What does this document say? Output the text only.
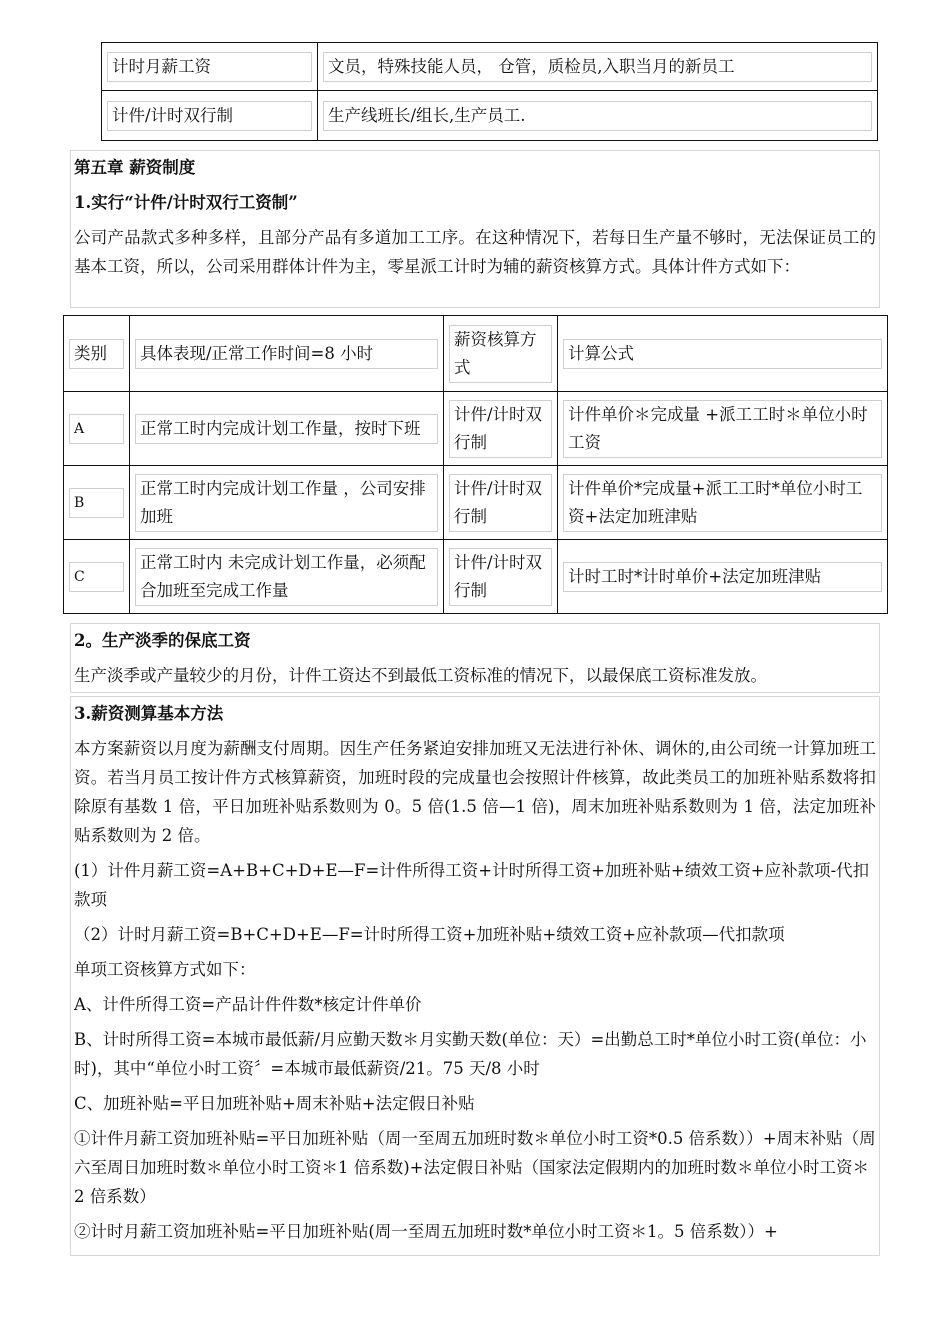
计时月薪工资	文员，特殊技能人员， 仓管，质检员,入职当月的新员工

计件/计时双行制	生产线班长/组长,生产员工.
第五章 薪资制度
1.实行“计件/计时双行工资制”
公司产品款式多种多样，且部分产品有多道加工工序。在这种情况下，若每日生产量不够时，无法保证员工的基本工资，所以，公司采用群体计件为主，零星派工计时为辅的薪资核算方式。具体计件方式如下：
类别	具体表现/正常工作时间=8 小时	薪资核算方式	计算公式

A	正常工时内完成计划工作量，按时下班	计件/计时双行制	计件单价＊完成量 +派工工时＊单位小时工资

B	正常工时内完成计划工作量 ，公司安排加班	计件/计时双行制	计件单价*完成量+派工工时*单位小时工资+法定加班津贴

C	正常工时内 未完成计划工作量，必须配合加班至完成工作量	计件/计时双行制	计时工时*计时单价+法定加班津贴
2。生产淡季的保底工资
生产淡季或产量较少的月份，计件工资达不到最低工资标准的情况下，以最保底工资标准发放。
3.薪资测算基本方法
本方案薪资以月度为薪酬支付周期。因生产任务紧迫安排加班又无法进行补休、调休的,由公司统一计算加班工资。若当月员工按计件方式核算薪资，加班时段的完成量也会按照计件核算，故此类员工的加班补贴系数将扣除原有基数 1 倍，平日加班补贴系数则为 0。5 倍(1.5 倍—1 倍)，周末加班补贴系数则为 1 倍，法定加班补贴系数则为 2 倍。
(1）计件月薪工资=A+B+C+D+E—F=计件所得工资+计时所得工资+加班补贴+绩效工资+应补款项-代扣款项
（2）计时月薪工资=B+C+D+E—F=计时所得工资+加班补贴+绩效工资+应补款项—代扣款项
单项工资核算方式如下：
A、计件所得工资=产品计件件数*核定计件单价
B、计时所得工资=本城市最低薪/月应勤天数＊月实勤天数(单位：天）=出勤总工时*单位小时工资(单位：小时)，其中“单位小时工资〞=本城市最低薪资/21。75 天/8 小时
C、加班补贴=平日加班补贴+周末补贴+法定假日补贴
①计件月薪工资加班补贴=平日加班补贴（周一至周五加班时数＊单位小时工资*0.5 倍系数））+周末补贴（周六至周日加班时数＊单位小时工资＊1 倍系数)+法定假日补贴（国家法定假期内的加班时数＊单位小时工资＊2 倍系数）
②计时月薪工资加班补贴=平日加班补贴(周一至周五加班时数*单位小时工资＊1。5 倍系数））+
